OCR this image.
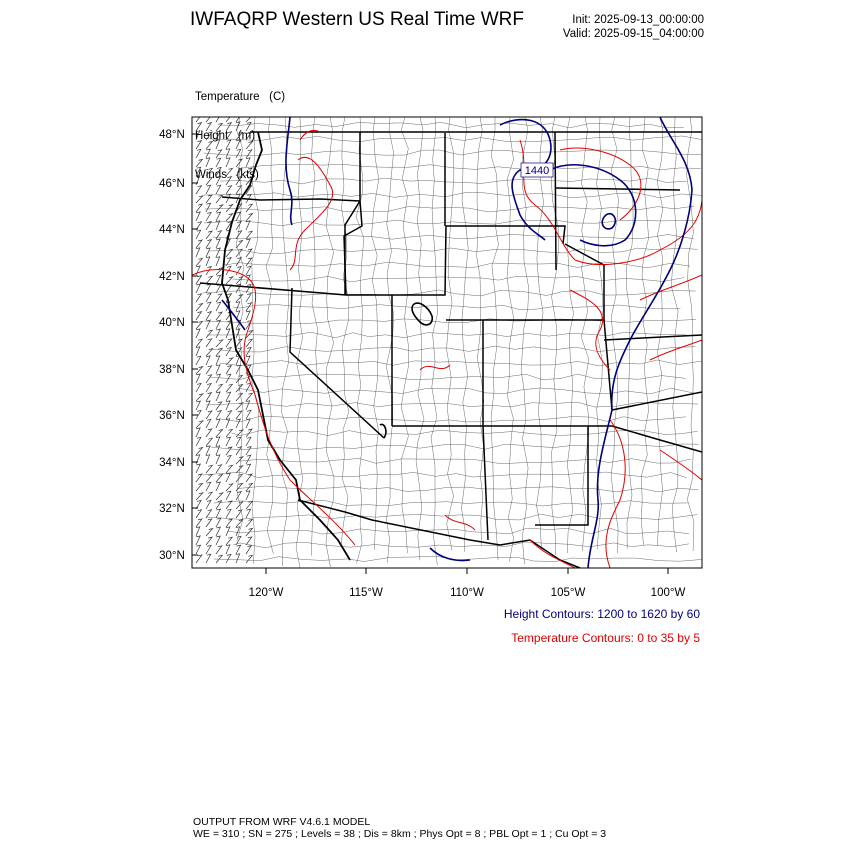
IWFAQRP Western US Real Time WRF	Init: 2025-09-13_00:00:00
Valid: 2025-09-15_04:00:00

Temperature   (C)

Height   (m)

Winds   (kts)	1440
48°N
46°N
44°N
42°N
40°N
38°N
36°N
34°N
32°N
30°N
120°W	115°W	110°W	105°W	100°W
Height Contours: 1200 to 1620 by 60
Temperature Contours: 0 to 35 by 5
OUTPUT FROM WRF V4.6.1 MODEL
WE = 310 ; SN = 275 ; Levels = 38 ; Dis = 8km ; Phys Opt = 8 ; PBL Opt = 1 ; Cu Opt = 3
